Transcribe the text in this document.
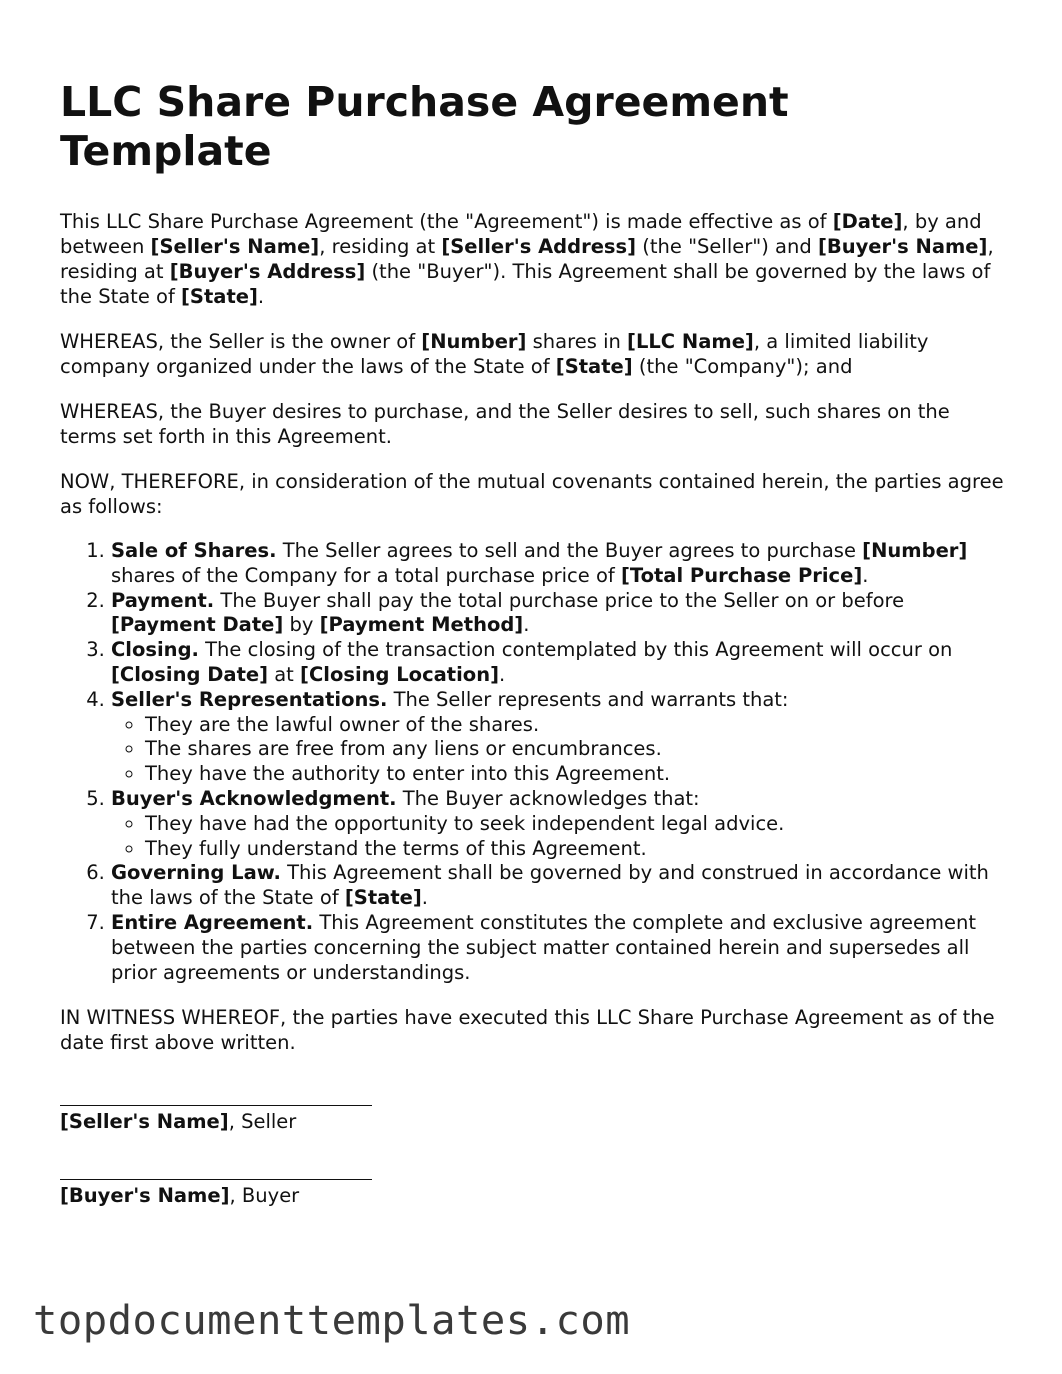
LLC Share Purchase Agreement Template

This LLC Share Purchase Agreement (the "Agreement") is made effective as of [Date], by and between [Seller's Name], residing at [Seller's Address] (the "Seller") and [Buyer's Name], residing at [Buyer's Address] (the "Buyer"). This Agreement shall be governed by the laws of the State of [State].

WHEREAS, the Seller is the owner of [Number] shares in [LLC Name], a limited liability company organized under the laws of the State of [State] (the "Company"); and

WHEREAS, the Buyer desires to purchase, and the Seller desires to sell, such shares on the terms set forth in this Agreement.

NOW, THEREFORE, in consideration of the mutual covenants contained herein, the parties agree as follows:

1. Sale of Shares. The Seller agrees to sell and the Buyer agrees to purchase [Number] shares of the Company for a total purchase price of [Total Purchase Price].
2. Payment. The Buyer shall pay the total purchase price to the Seller on or before [Payment Date] by [Payment Method].
3. Closing. The closing of the transaction contemplated by this Agreement will occur on [Closing Date] at [Closing Location].
4. Seller's Representations. The Seller represents and warrants that:
◦ They are the lawful owner of the shares.
◦ The shares are free from any liens or encumbrances.
◦ They have the authority to enter into this Agreement.
5. Buyer's Acknowledgment. The Buyer acknowledges that:
◦ They have had the opportunity to seek independent legal advice.
◦ They fully understand the terms of this Agreement.
6. Governing Law. This Agreement shall be governed by and construed in accordance with the laws of the State of [State].
7. Entire Agreement. This Agreement constitutes the complete and exclusive agreement between the parties concerning the subject matter contained herein and supersedes all prior agreements or understandings.

IN WITNESS WHEREOF, the parties have executed this LLC Share Purchase Agreement as of the date first above written.

[Seller's Name], Seller

[Buyer's Name], Buyer

topdocumenttemplates.com
